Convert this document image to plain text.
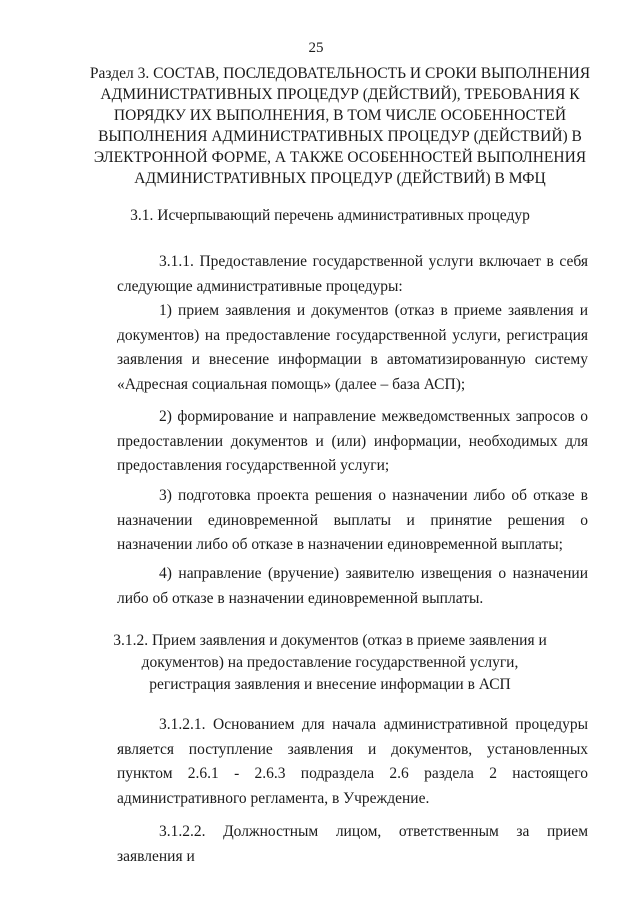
25
Раздел 3. СОСТАВ, ПОСЛЕДОВАТЕЛЬНОСТЬ И СРОКИ ВЫПОЛНЕНИЯ АДМИНИСТРАТИВНЫХ ПРОЦЕДУР (ДЕЙСТВИЙ), ТРЕБОВАНИЯ К ПОРЯДКУ ИХ ВЫПОЛНЕНИЯ, В ТОМ ЧИСЛЕ ОСОБЕННОСТЕЙ ВЫПОЛНЕНИЯ АДМИНИСТРАТИВНЫХ ПРОЦЕДУР (ДЕЙСТВИЙ) В ЭЛЕКТРОННОЙ ФОРМЕ, А ТАКЖЕ ОСОБЕННОСТЕЙ ВЫПОЛНЕНИЯ АДМИНИСТРАТИВНЫХ ПРОЦЕДУР (ДЕЙСТВИЙ) В МФЦ
3.1. Исчерпывающий перечень административных процедур
3.1.1. Предоставление государственной услуги включает в себя следующие административные процедуры:
1) прием заявления и документов (отказ в приеме заявления и документов) на предоставление государственной услуги, регистрация заявления и внесение информации в автоматизированную систему «Адресная социальная помощь» (далее – база АСП);
2) формирование и направление межведомственных запросов о предоставлении документов и (или) информации, необходимых для предоставления государственной услуги;
3) подготовка проекта решения о назначении либо об отказе в назначении единовременной выплаты и принятие решения о назначении либо об отказе в назначении единовременной выплаты;
4) направление (вручение) заявителю извещения о назначении либо об отказе в назначении единовременной выплаты.
3.1.2. Прием заявления и документов (отказ в приеме заявления и документов) на предоставление государственной услуги, регистрация заявления и внесение информации в АСП
3.1.2.1. Основанием для начала административной процедуры является поступление заявления и документов, установленных пунктом 2.6.1 - 2.6.3 подраздела 2.6 раздела 2 настоящего административного регламента, в Учреждение.
3.1.2.2. Должностным лицом, ответственным за прием заявления и
